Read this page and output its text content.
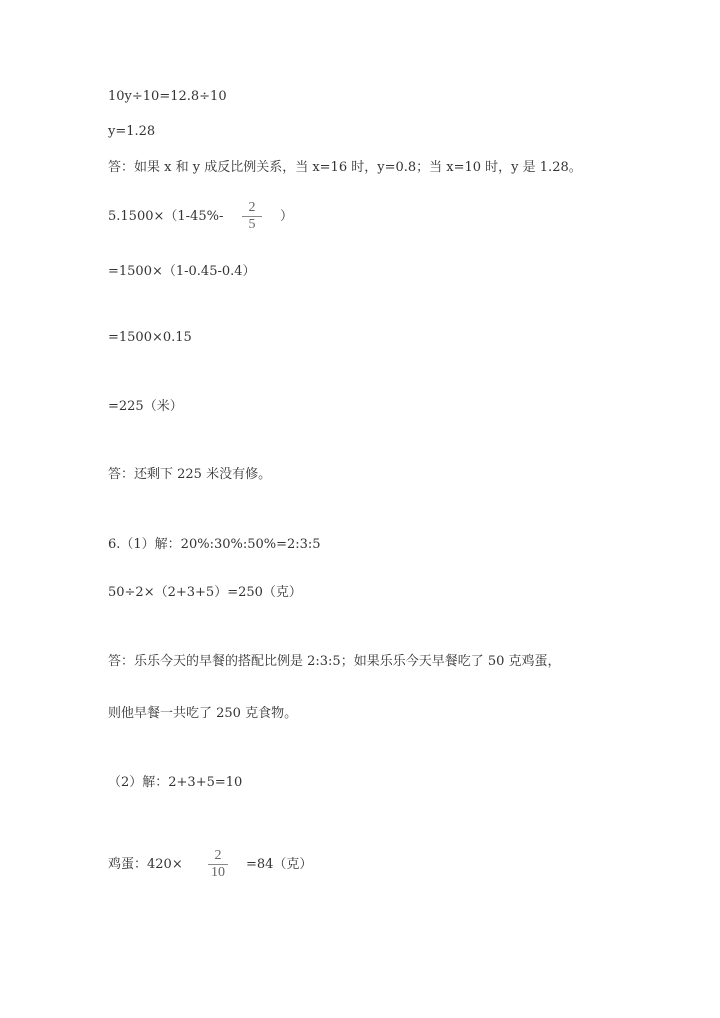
10y÷10=12.8÷10
y=1.28
答：如果 x 和 y 成反比例关系，当 x=16 时，y=0.8；当 x=10 时，y 是 1.28。
5.1500×（1-45%-
2
5
）
=1500×（1-0.45-0.4）
=1500×0.15
=225（米）
答：还剩下 225 米没有修。
6.（1）解：20%:30%:50%=2:3:5
50÷2×（2+3+5）=250（克）
答：乐乐今天的早餐的搭配比例是 2:3:5；如果乐乐今天早餐吃了 50 克鸡蛋，
则他早餐一共吃了 250 克食物。
（2）解：2+3+5=10
鸡蛋：420×
2
10
=84（克）
